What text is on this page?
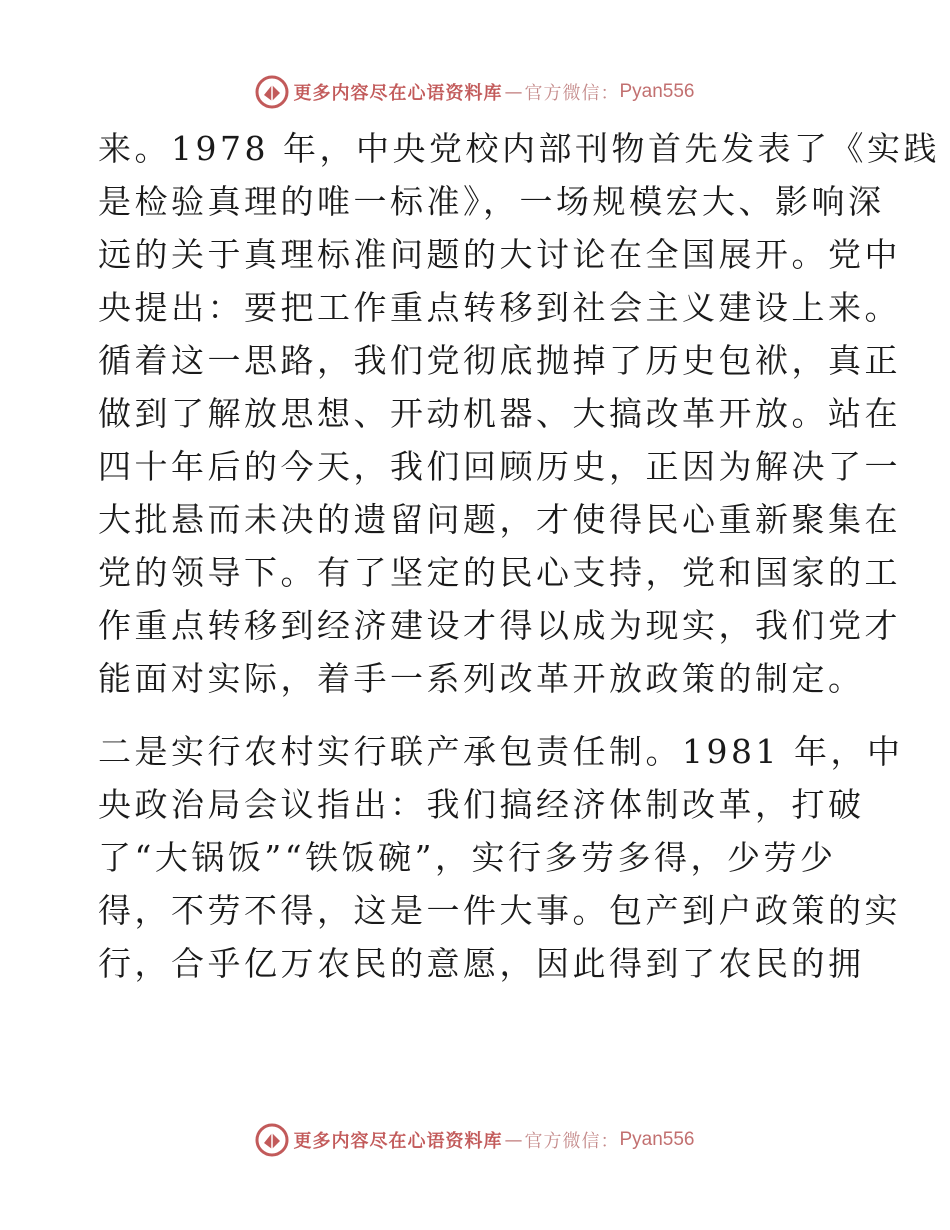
更多内容尽在心语资料库 — 官方微信： Pyan556

来。1978 年，中央党校内部刊物首先发表了《实践
是检验真理的唯一标准》，一场规模宏大、影响深
远的关于真理标准问题的大讨论在全国展开。党中
央提出：要把工作重点转移到社会主义建设上来。
循着这一思路，我们党彻底抛掉了历史包袱，真正
做到了解放思想、开动机器、大搞改革开放。站在
四十年后的今天，我们回顾历史，正因为解决了一
大批悬而未决的遗留问题，才使得民心重新聚集在
党的领导下。有了坚定的民心支持，党和国家的工
作重点转移到经济建设才得以成为现实，我们党才
能面对实际，着手一系列改革开放政策的制定。

二是实行农村实行联产承包责任制。1981 年，中
央政治局会议指出：我们搞经济体制改革，打破
了“大锅饭”“铁饭碗”，实行多劳多得，少劳少
得，不劳不得，这是一件大事。包产到户政策的实
行，合乎亿万农民的意愿，因此得到了农民的拥

更多内容尽在心语资料库 — 官方微信： Pyan556
